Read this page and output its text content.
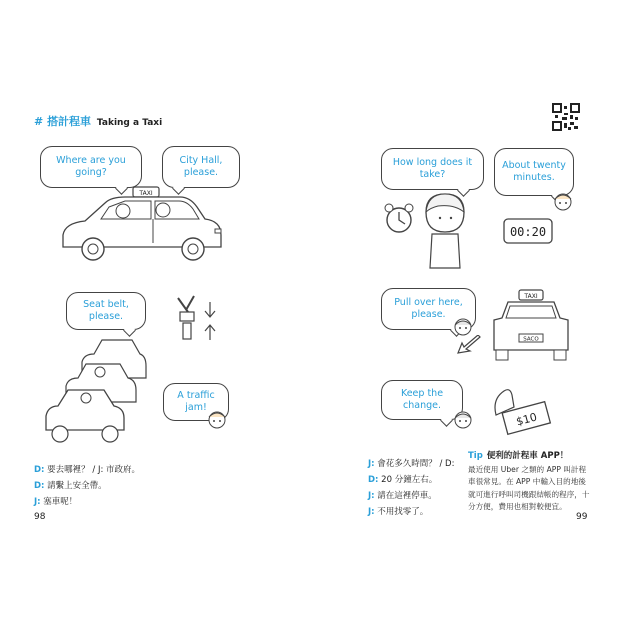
# 搭計程車 Taking a Taxi
Where are you going?
City Hall, please.
TAXI
Seat belt, please.
A traffic jam!
D: 要去哪裡？ / J: 市政府。
D: 請繫上安全帶。
J: 塞車呢！
98
How long does it take?
About twenty minutes.
00:20
Pull over here, please.
TAXI
SACO
Keep the change.
$10
J: 會花多久時間？ / D:
D: 20 分鐘左右。
J: 請在這裡停車。
J: 不用找零了。
Tip 便利的計程車 APP！
最近使用 Uber 之類的 APP 叫計程車很常見。在 APP 中輸入目的地後就可進行呼叫司機跟結帳的程序，十分方便，費用也相對較便宜。
99
